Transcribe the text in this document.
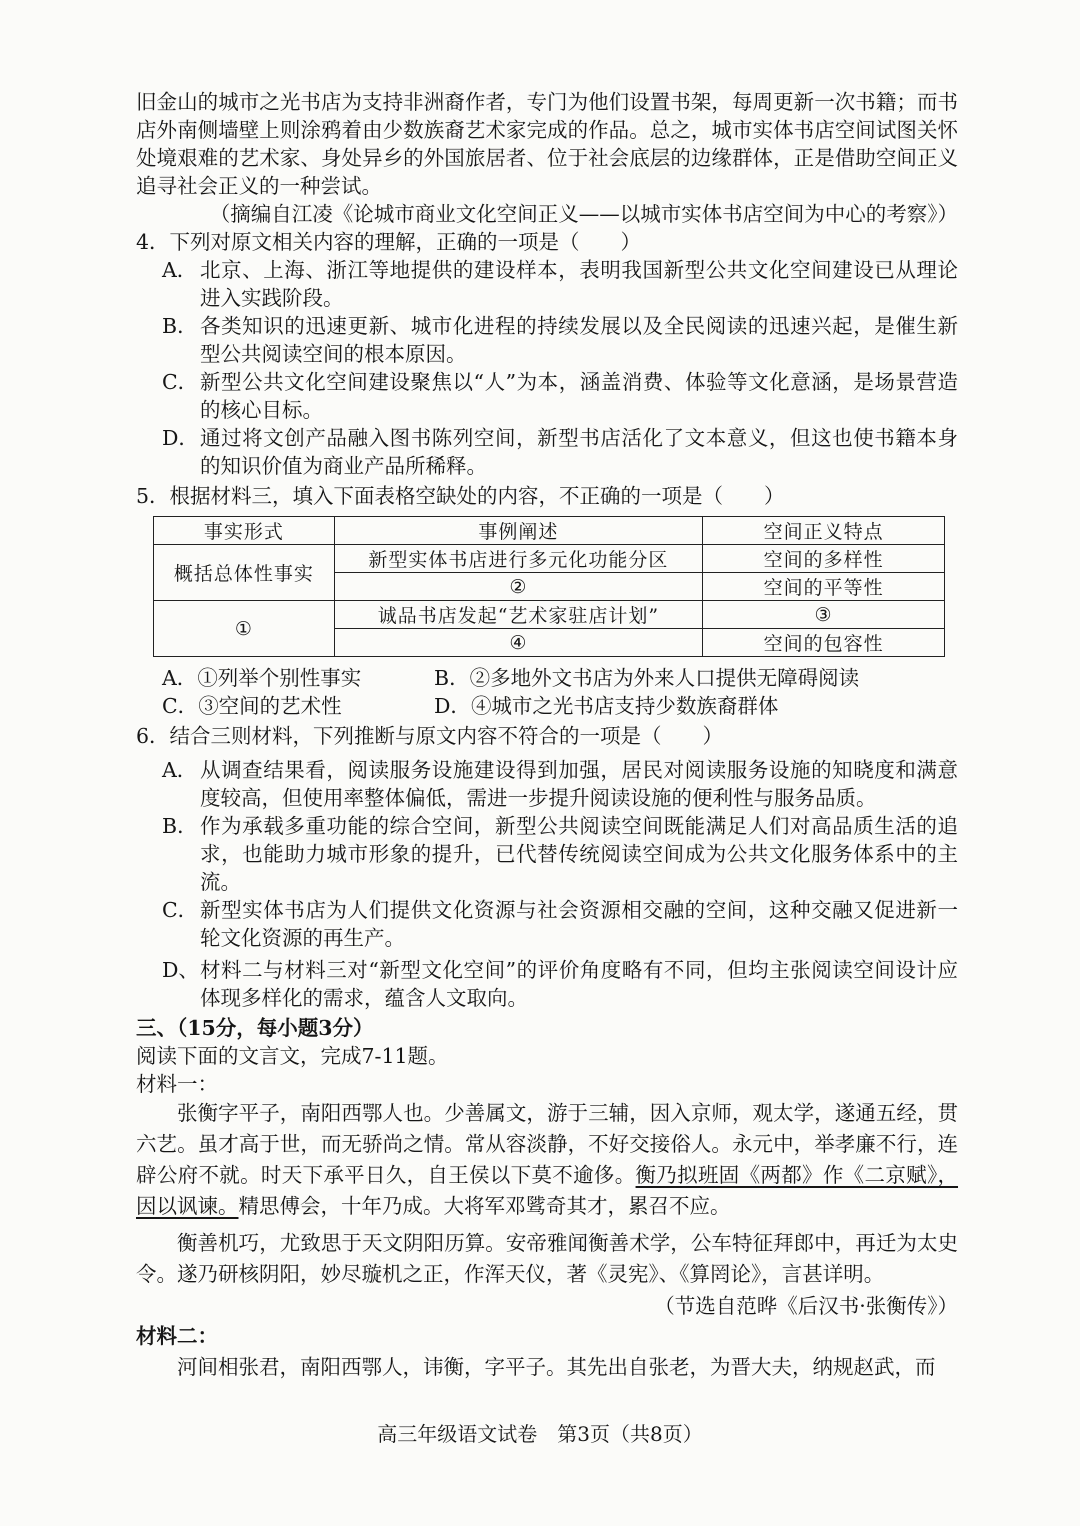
旧金山的城市之光书店为支持非洲裔作者，专门为他们设置书架，每周更新一次书籍；而书店外南侧墙壁上则涂鸦着由少数族裔艺术家完成的作品。总之，城市实体书店空间试图关怀处境艰难的艺术家、身处异乡的外国旅居者、位于社会底层的边缘群体，正是借助空间正义追寻社会正义的一种尝试。
（摘编自江凌《论城市商业文化空间正义——以城市实体书店空间为中心的考察》）
4．下列对原文相关内容的理解，正确的一项是（　　）
A． 北京、上海、浙江等地提供的建设样本，表明我国新型公共文化空间建设已从理论进入实践阶段。
B． 各类知识的迅速更新、城市化进程的持续发展以及全民阅读的迅速兴起，是催生新型公共阅读空间的根本原因。
C． 新型公共文化空间建设聚焦以“人”为本，涵盖消费、体验等文化意涵，是场景营造的核心目标。
D． 通过将文创产品融入图书陈列空间，新型书店活化了文本意义，但这也使书籍本身的知识价值为商业产品所稀释。
5．根据材料三，填入下面表格空缺处的内容，不正确的一项是（　　）
事实形式	事例阐述	空间正义特点
概括总体性事实	新型实体书店进行多元化功能分区	空间的多样性
	②	空间的平等性
①	诚品书店发起“艺术家驻店计划”	③
	④	空间的包容性
A．①列举个别性事实	B．②多地外文书店为外来人口提供无障碍阅读
C．③空间的艺术性	D．④城市之光书店支持少数族裔群体
6．结合三则材料，下列推断与原文内容不符合的一项是（　　）
A． 从调查结果看，阅读服务设施建设得到加强，居民对阅读服务设施的知晓度和满意度较高，但使用率整体偏低，需进一步提升阅读设施的便利性与服务品质。
B． 作为承载多重功能的综合空间，新型公共阅读空间既能满足人们对高品质生活的追求，也能助力城市形象的提升，已代替传统阅读空间成为公共文化服务体系中的主流。
C． 新型实体书店为人们提供文化资源与社会资源相交融的空间，这种交融又促进新一轮文化资源的再生产。
D、 材料二与材料三对“新型文化空间”的评价角度略有不同，但均主张阅读空间设计应体现多样化的需求，蕴含人文取向。
三、（15分，每小题3分）
阅读下面的文言文，完成7-11题。
材料一：
张衡字平子，南阳西鄂人也。少善属文，游于三辅，因入京师，观太学，遂通五经，贯六艺。虽才高于世，而无骄尚之情。常从容淡静，不好交接俗人。永元中，举孝廉不行，连辟公府不就。时天下承平日久，自王侯以下莫不逾侈。衡乃拟班固《两都》作《二京赋》，因以讽谏。精思傅会，十年乃成。大将军邓骘奇其才，累召不应。
衡善机巧，尤致思于天文阴阳历算。安帝雅闻衡善术学，公车特征拜郎中，再迁为太史令。遂乃研核阴阳，妙尽璇机之正，作浑天仪，著《灵宪》、《算罔论》，言甚详明。
（节选自范晔《后汉书·张衡传》）
材料二：
河间相张君，南阳西鄂人，讳衡，字平子。其先出自张老，为晋大夫，纳规赵武，而
高三年级语文试卷　第3页（共8页）
